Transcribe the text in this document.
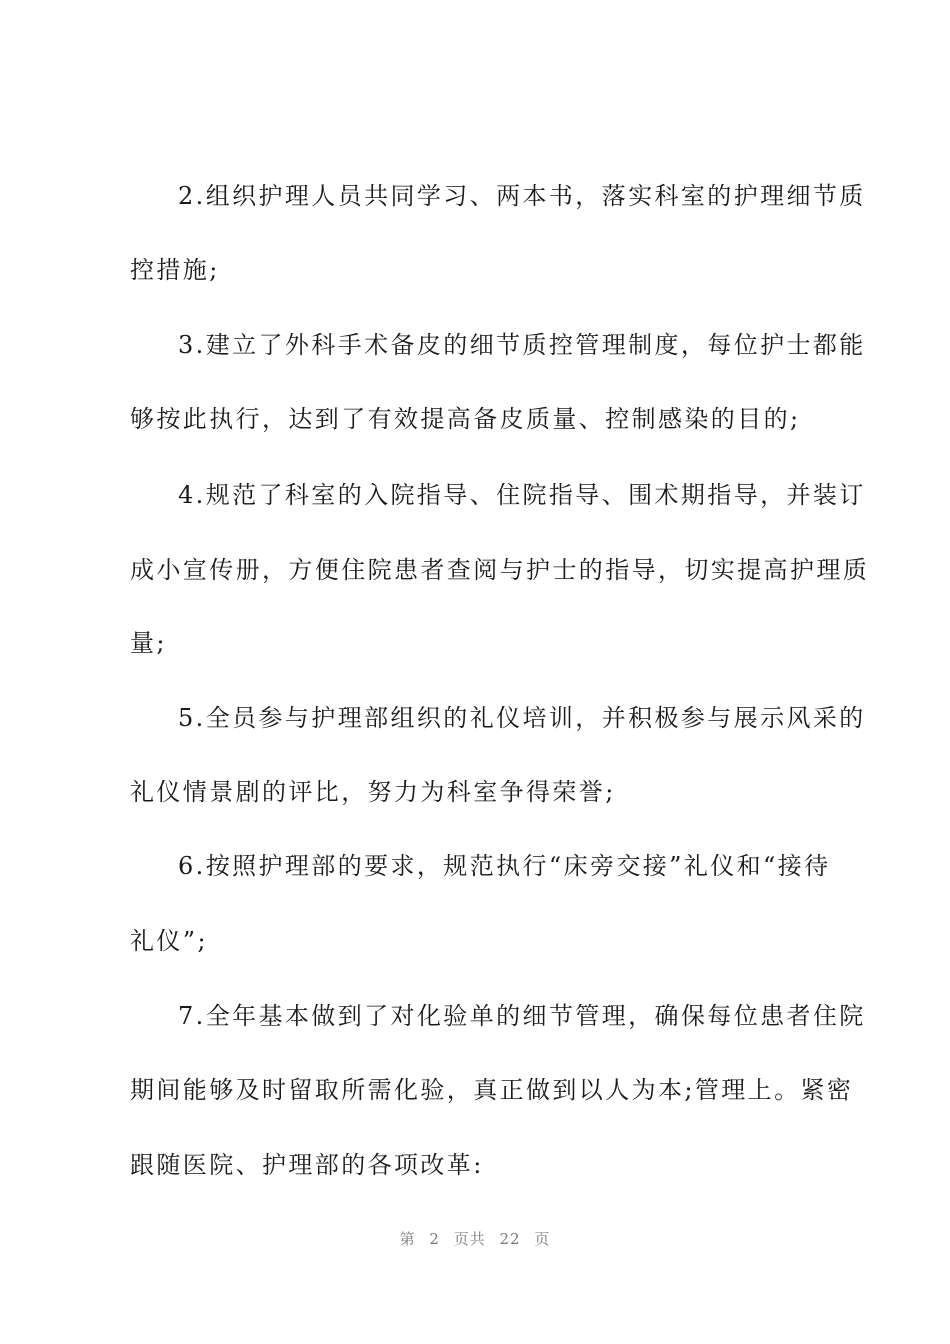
2.组织护理人员共同学习、两本书，落实科室的护理细节质
控措施;
3.建立了外科手术备皮的细节质控管理制度，每位护士都能
够按此执行，达到了有效提高备皮质量、控制感染的目的;
4.规范了科室的入院指导、住院指导、围术期指导，并装订
成小宣传册，方便住院患者查阅与护士的指导，切实提高护理质
量;
5.全员参与护理部组织的礼仪培训，并积极参与展示风采的
礼仪情景剧的评比，努力为科室争得荣誉;
6.按照护理部的要求，规范执行“床旁交接”礼仪和“接待
礼仪”;
7.全年基本做到了对化验单的细节管理，确保每位患者住院
期间能够及时留取所需化验，真正做到以人为本;管理上。紧密
跟随医院、护理部的各项改革:
第 2 页共 22 页
